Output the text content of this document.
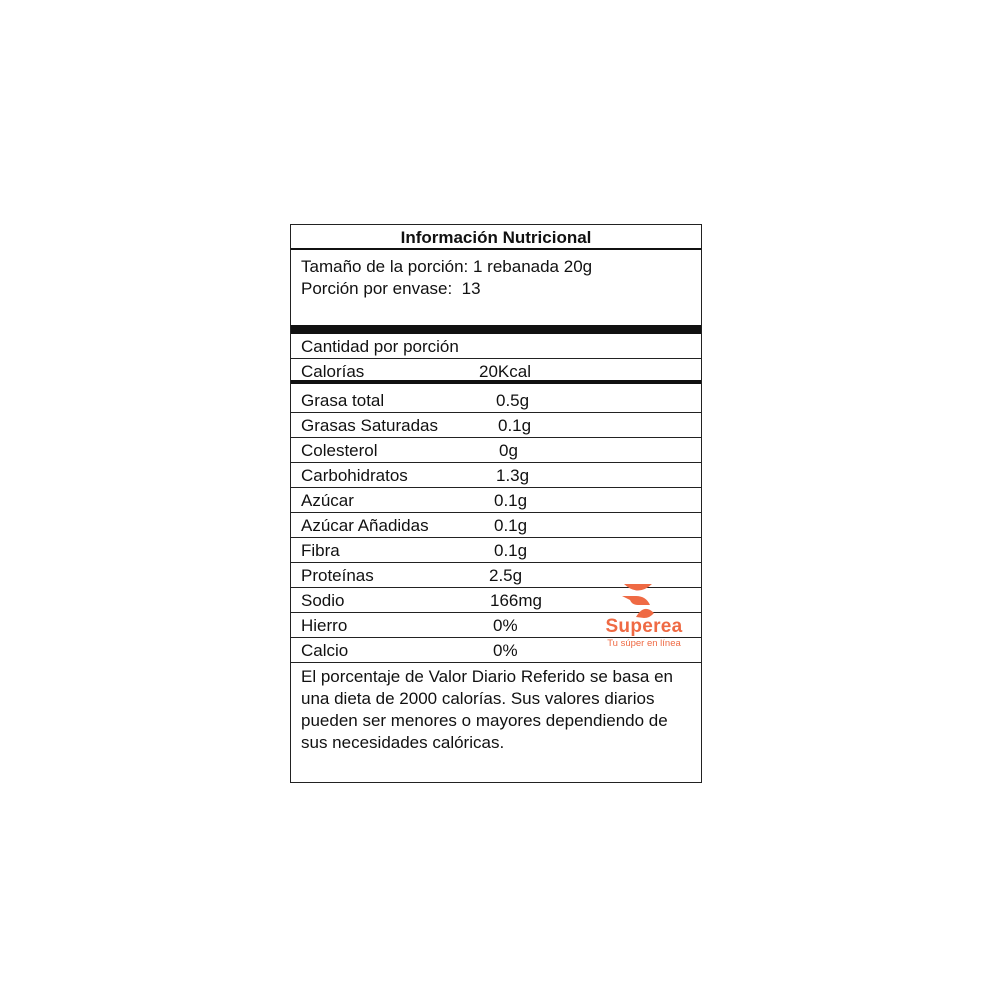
Información Nutricional
Tamaño de la porción: 1 rebanada 20g
Porción por envase:  13
Cantidad por porción
Calorías	20Kcal
Grasa total	0.5g
Grasas Saturadas	0.1g
Colesterol	0g
Carbohidratos	1.3g
Azúcar	0.1g
Azúcar Añadidas	0.1g
Fibra	0.1g
Proteínas	2.5g
Sodio	166mg
Hierro	0%
Calcio	0%
El porcentaje de Valor Diario Referido se basa en una dieta de 2000 calorías. Sus valores diarios pueden ser menores o mayores dependiendo de sus necesidades calóricas.
Superea
Tu súper en línea
